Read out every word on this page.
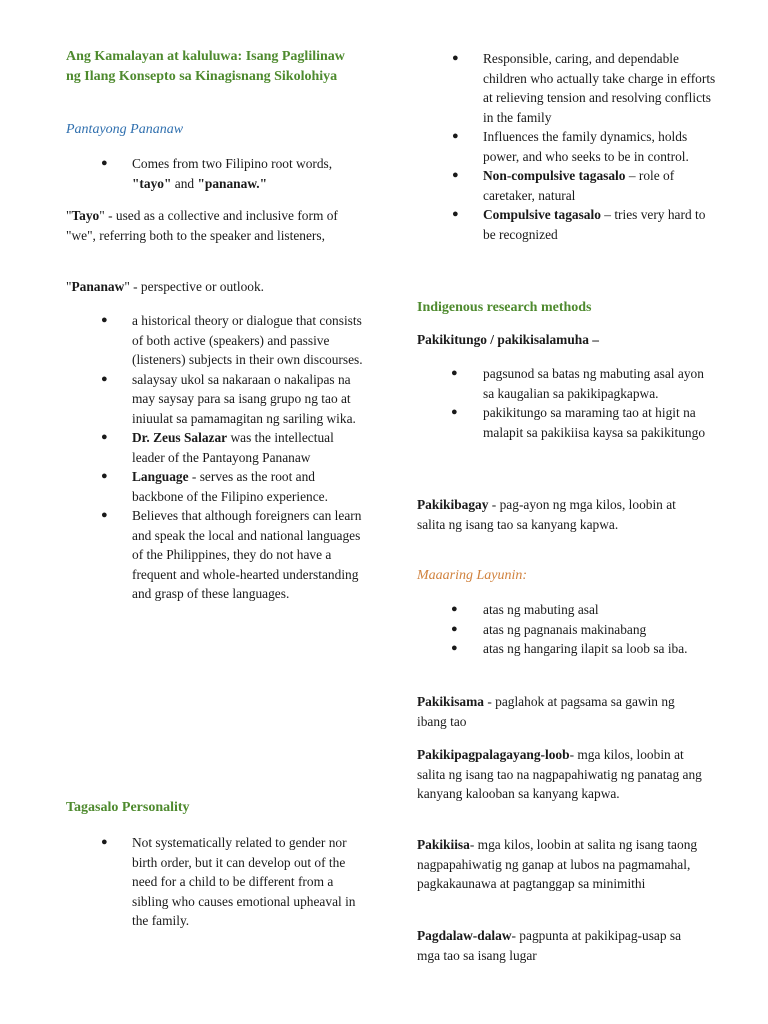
Ang Kamalayan at kaluluwa: Isang Paglilinaw ng Ilang Konsepto sa Kinagisnang Sikolohiya
Pantayong Pananaw
● Comes from two Filipino root words, "tayo" and "pananaw."

"Tayo" - used as a collective and inclusive form of "we", referring both to the speaker and listeners,

"Pananaw" - perspective or outlook.

● a historical theory or dialogue that consists of both active (speakers) and passive (listeners) subjects in their own discourses.
● salaysay ukol sa nakaraan o nakalipas na may saysay para sa isang grupo ng tao at iniuulat sa pamamagitan ng sariling wika.
● Dr. Zeus Salazar was the intellectual leader of the Pantayong Pananaw
● Language - serves as the root and backbone of the Filipino experience.
● Believes that although foreigners can learn and speak the local and national languages of the Philippines, they do not have a frequent and whole-hearted understanding and grasp of these languages.
Tagasalo Personality
● Not systematically related to gender nor birth order, but it can develop out of the need for a child to be different from a sibling who causes emotional upheaval in the family.
● Responsible, caring, and dependable children who actually take charge in efforts at relieving tension and resolving conflicts in the family
● Influences the family dynamics, holds power, and who seeks to be in control.
● Non-compulsive tagasalo – role of caretaker, natural
● Compulsive tagasalo – tries very hard to be recognized
Indigenous research methods

Pakikitungo / pakikisalamuha –

● pagsunod sa batas ng mabuting asal ayon sa kaugalian sa pakikipagkapwa.
● pakikitungo sa maraming tao at higit na malapit sa pakikiisa kaysa sa pakikitungo

Pakikibagay - pag-ayon ng mga kilos, loobin at salita ng isang tao sa kanyang kapwa.

Maaaring Layunin:
● atas ng mabuting asal
● atas ng pagnanais makinabang
● atas ng hangaring ilapit sa loob sa iba.

Pakikisama - paglahok at pagsama sa gawin ng ibang tao

Pakikipagpalagayang-loob- mga kilos, loobin at salita ng isang tao na nagpapahiwatig ng panatag ang kanyang kalooban sa kanyang kapwa.

Pakikiisa- mga kilos, loobin at salita ng isang taong nagpapahiwatig ng ganap at lubos na pagmamahal, pagkakaunawa at pagtanggap sa minimithi

Pagdalaw-dalaw- pagpunta at pakikipag-usap sa mga tao sa isang lugar
